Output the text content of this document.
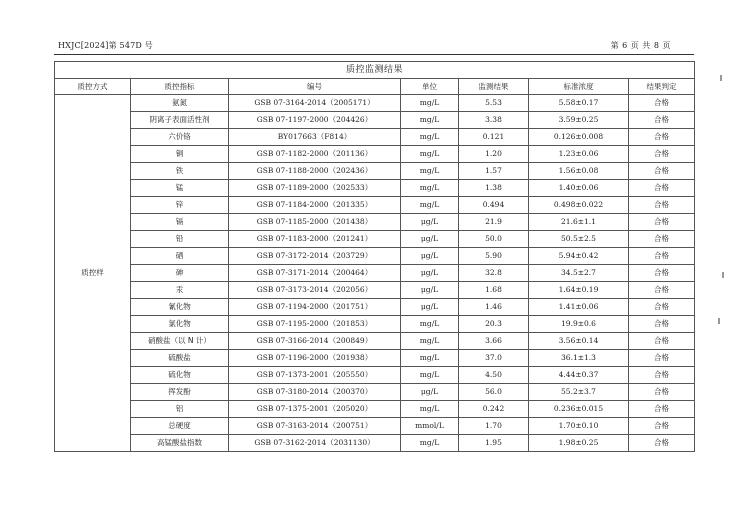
HXJC[2024]第 547D 号	第 6 页 共 8 页
质控监测结果						
质控方式	质控指标	编号	单位	监测结果	标准浓度	结果判定
质控样	氨氮	GSB 07-3164-2014（2005171）	mg/L	5.53	5.58±0.17	合格
	阴离子表面活性剂	GSB 07-1197-2000（204426）	mg/L	3.38	3.59±0.25	合格
	六价铬	BY017663（F814）	mg/L	0.121	0.126±0.008	合格
	铜	GSB 07-1182-2000（201136）	mg/L	1.20	1.23±0.06	合格
	铁	GSB 07-1188-2000（202436）	mg/L	1.57	1.56±0.08	合格
	锰	GSB 07-1189-2000（202533）	mg/L	1.38	1.40±0.06	合格
	锌	GSB 07-1184-2000（201335）	mg/L	0.494	0.498±0.022	合格
	镉	GSB 07-1185-2000（201438）	μg/L	21.9	21.6±1.1	合格
	铅	GSB 07-1183-2000（201241）	μg/L	50.0	50.5±2.5	合格
	硒	GSB 07-3172-2014（203729）	μg/L	5.90	5.94±0.42	合格
	砷	GSB 07-3171-2014（200464）	μg/L	32.8	34.5±2.7	合格
	汞	GSB 07-3173-2014（202056）	μg/L	1.68	1.64±0.19	合格
	氰化物	GSB 07-1194-2000（201751）	μg/L	1.46	1.41±0.06	合格
	氯化物	GSB 07-1195-2000（201853）	mg/L	20.3	19.9±0.6	合格
	硝酸盐（以 N 计）	GSB 07-3166-2014（200849）	mg/L	3.66	3.56±0.14	合格
	硫酸盐	GSB 07-1196-2000（201938）	mg/L	37.0	36.1±1.3	合格
	硫化物	GSB 07-1373-2001（205550）	mg/L	4.50	4.44±0.37	合格
	挥发酚	GSB 07-3180-2014（200370）	μg/L	56.0	55.2±3.7	合格
	铝	GSB 07-1375-2001（205020）	mg/L	0.242	0.236±0.015	合格
	总硬度	GSB 07-3163-2014（200751）	mmol/L	1.70	1.70±0.10	合格
	高锰酸盐指数	GSB 07-3162-2014（2031130）	mg/L	1.95	1.98±0.25	合格
